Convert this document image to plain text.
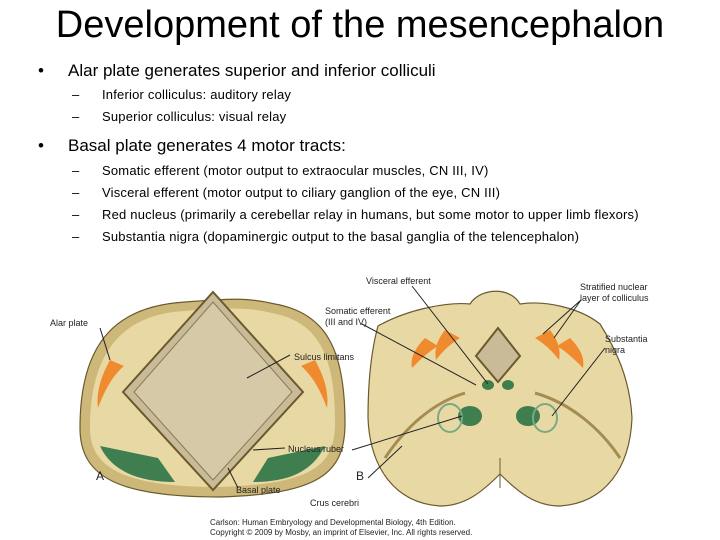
Development of the mesencephalon
• Alar plate generates superior and inferior colliculi
– Inferior colliculus: auditory relay
– Superior colliculus: visual relay
• Basal plate generates 4 motor tracts:
– Somatic efferent (motor output to extraocular muscles, CN III, IV)
– Visceral efferent (motor output to ciliary ganglion of the eye, CN III)
– Red nucleus (primarily a cerebellar relay in humans, but some motor to upper limb flexors)
– Substantia nigra (dopaminergic output to the basal ganglia of the telencephalon)
Alar plate
Sulcus limitans
Nucleus ruber
Basal plate
A
Visceral efferent
Somatic efferent
(III and IV)
Stratified nuclear
layer of colliculus
Substantia
nigra
B
Crus cerebri
Carlson: Human Embryology and Developmental Biology, 4th Edition.
Copyright © 2009 by Mosby, an imprint of Elsevier, Inc. All rights reserved.
